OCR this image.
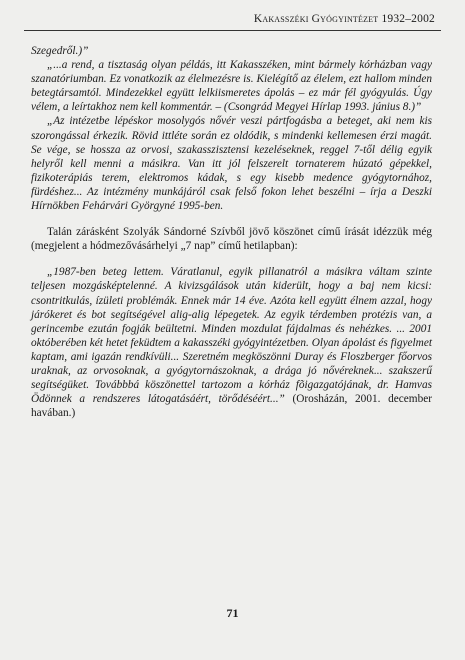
Kakasszéki Gyógyintézet 1932–2002

Szegedről.)”

„...a rend, a tisztaság olyan példás, itt Kakasszéken, mint bármely kórházban vagy szanatóriumban. Ez vonatkozik az élelmezésre is. Kielégítő az élelem, ezt hallom minden betegtársamtól. Mindezekkel együtt lelkiismeretes ápolás – ez már fél gyógyulás. Úgy vélem, a leírtakhoz nem kell kommentár. – (Csongrád Megyei Hírlap 1993. június 8.)”

„Az intézetbe lépéskor mosolygós nővér veszi pártfogásba a beteget, aki nem kis szorongással érkezik. Rövid ittléte során ez oldódik, s mindenki kellemesen érzi magát. Se vége, se hossza az orvosi, szakasszisztensi kezeléseknek, reggel 7-től délig egyik helyről kell menni a másikra. Van itt jól felszerelt tornaterem húzató gépekkel, fizikoterápiás terem, elektromos kádak, s egy kisebb medence gyógytornához, fürdéshez... Az intézmény munkájáról csak felső fokon lehet beszélni – írja a Deszki Hírnökben Fehárvári Györgyné 1995-ben.

Talán zárásként Szolyák Sándorné Szívből jövő köszönet című írását idézzük még (megjelent a hódmezővásárhelyi „7 nap” című hetilapban):

„1987-ben beteg lettem. Váratlanul, egyik pillanatról a másikra váltam szinte teljesen mozgásképtelenné. A kivizsgálások után kiderült, hogy a baj nem kicsi: csontritkulás, ízületi problémák. Ennek már 14 éve. Azóta kell együtt élnem azzal, hogy járókeret és bot segítségével alig-alig lépegetek. Az egyik térdemben protézis van, a gerincembe ezután fogják beültetni. Minden mozdulat fájdalmas és nehézkes. ... 2001 októberében két hetet feküdtem a kakasszéki gyógyintézetben. Olyan ápolást és figyelmet kaptam, ami igazán rendkívüli... Szeretném megköszönni Duray és Floszberger főorvos uraknak, az orvosoknak, a gyógytornászoknak, a drága jó nővéreknek... szakszerű segítségüket. Továbbbá köszönettel tartozom a kórház fõigazgatójának, dr. Hamvas Ödönnek a rendszeres látogatásáért, törődéséért...” (Orosházán, 2001. december havában.)

71
